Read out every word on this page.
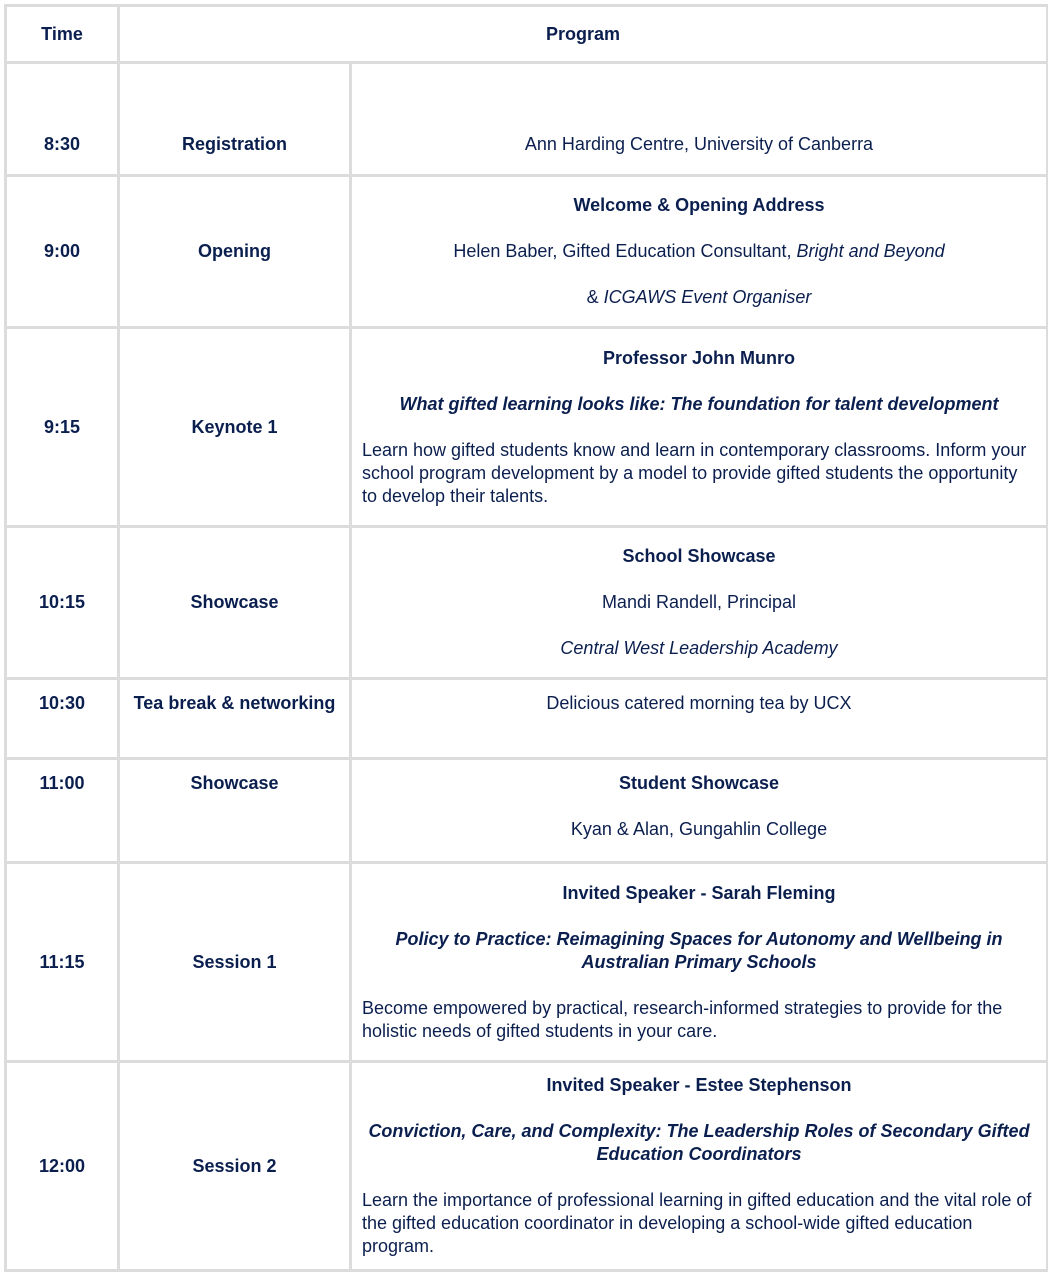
Time	Program	
8:30	Registration	Ann Harding Centre, University of Canberra

9:00	Opening	Welcome & Opening Address

Helen Baber, Gifted Education Consultant, Bright and Beyond

& ICGAWS Event Organiser

9:15	Keynote 1	Professor John Munro

What gifted learning looks like: The foundation for talent development

Learn how gifted students know and learn in contemporary classrooms. Inform your school program development by a model to provide gifted students the opportunity to develop their talents.

10:15	Showcase	School Showcase

Mandi Randell, Principal

Central West Leadership Academy

10:30	Tea break & networking	Delicious catered morning tea by UCX

11:00	Showcase	Student Showcase

Kyan & Alan, Gungahlin College

11:15	Session 1	Invited Speaker - Sarah Fleming

Policy to Practice: Reimagining Spaces for Autonomy and Wellbeing in Australian Primary Schools

Become empowered by practical, research-informed strategies to provide for the holistic needs of gifted students in your care.

12:00	Session 2	Invited Speaker - Estee Stephenson

Conviction, Care, and Complexity: The Leadership Roles of Secondary Gifted Education Coordinators

Learn the importance of professional learning in gifted education and the vital role of the gifted education coordinator in developing a school-wide gifted education program.
